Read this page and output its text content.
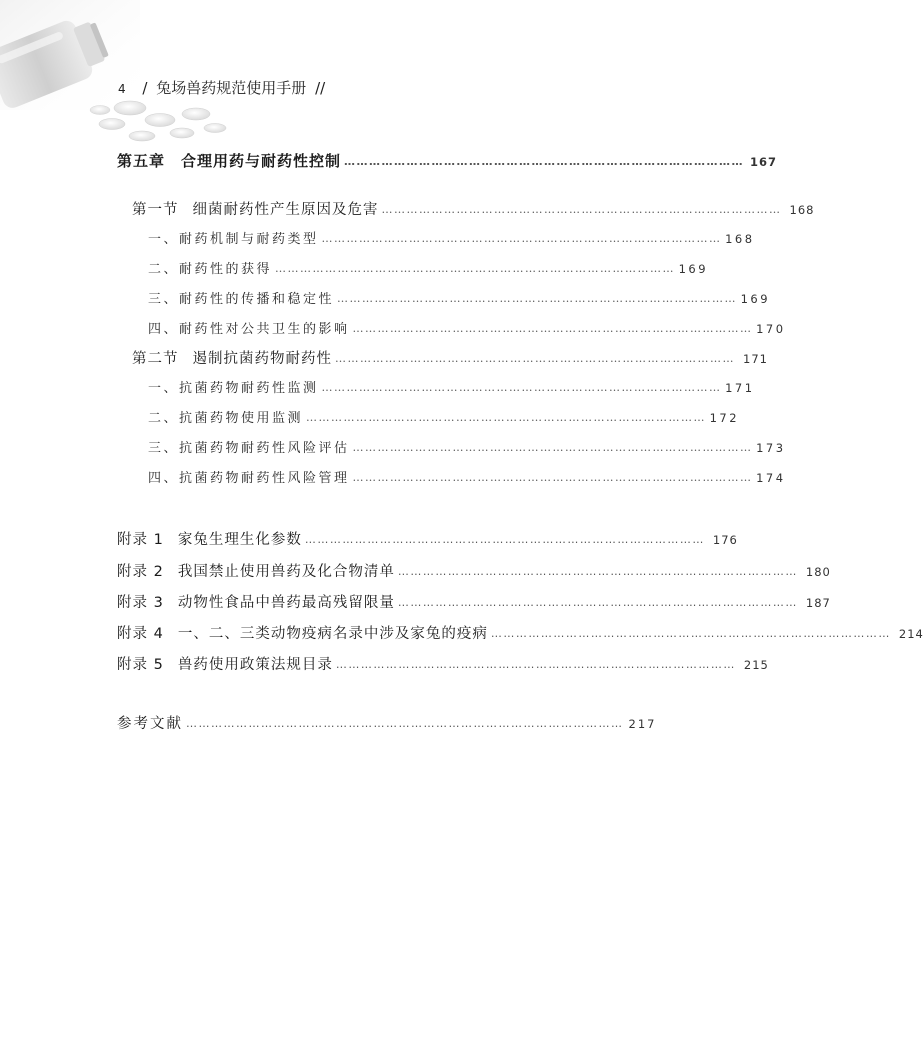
4 / 兔场兽药规范使用手册 //
第五章 合理用药与耐药性控制 …………………………………………………………………………………… 167
第一节 细菌耐药性产生原因及危害 …………………………………………………………………………………… 168
一、耐药机制与耐药类型 …………………………………………………………………………………… 168
二、耐药性的获得 …………………………………………………………………………………… 169
三、耐药性的传播和稳定性 …………………………………………………………………………………… 169
四、耐药性对公共卫生的影响 …………………………………………………………………………………… 170
第二节 遏制抗菌药物耐药性 …………………………………………………………………………………… 171
一、抗菌药物耐药性监测 …………………………………………………………………………………… 171
二、抗菌药物使用监测 …………………………………………………………………………………… 172
三、抗菌药物耐药性风险评估 …………………………………………………………………………………… 173
四、抗菌药物耐药性风险管理 …………………………………………………………………………………… 174
附录 1 家兔生理生化参数 …………………………………………………………………………………… 176
附录 2 我国禁止使用兽药及化合物清单 …………………………………………………………………………………… 180
附录 3 动物性食品中兽药最高残留限量 …………………………………………………………………………………… 187
附录 4 一、二、三类动物疫病名录中涉及家兔的疫病 …………………………………………………………………………………… 214
附录 5 兽药使用政策法规目录 …………………………………………………………………………………… 215
参考文献 …………………………………………………………………………………………… 217
